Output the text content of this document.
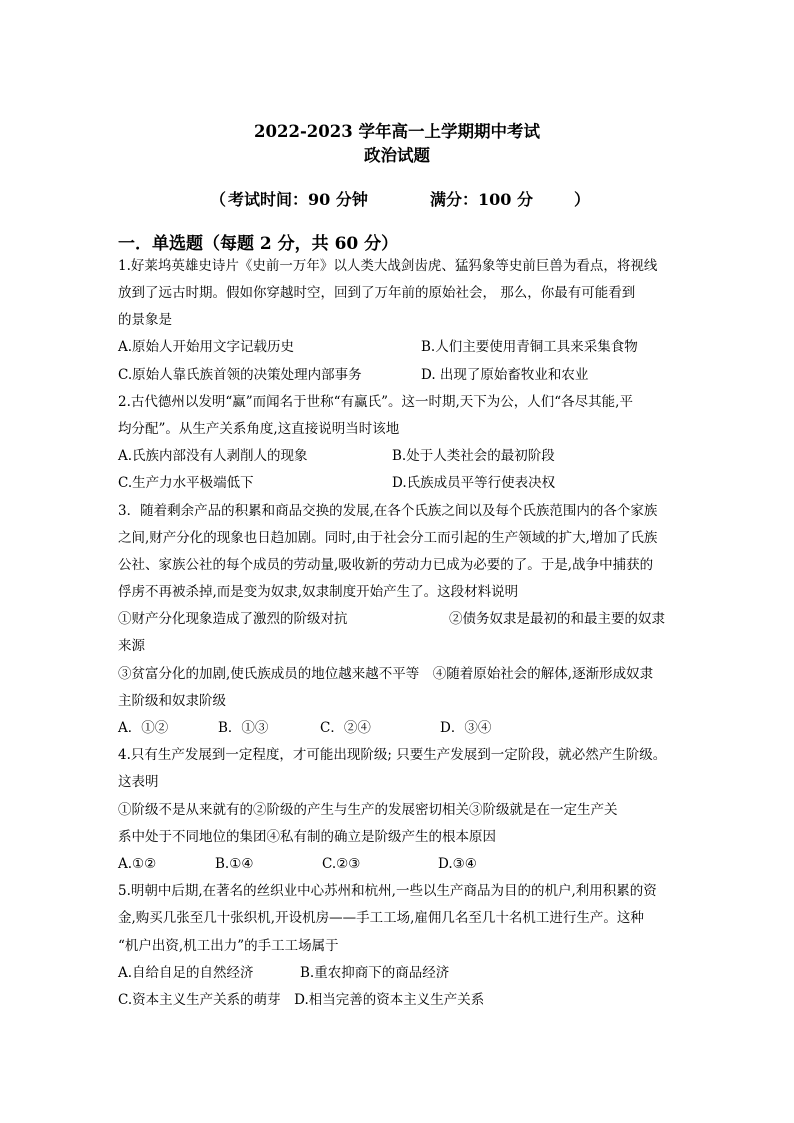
2022-2023 学年高一上学期期中考试
政治试题
（ 考试时间：90 分钟	满分：100 分	）
一．单选题（每题 2 分，共 60 分）
1.好莱坞英雄史诗片《史前一万年》以人类大战剑齿虎、猛犸象等史前巨兽为看点，将视线
放到了远古时期。假如你穿越时空，回到了万年前的原始社会， 那么，你最有可能看到
的景象是
A.原始人开始用文字记载历史	B.人们主要使用青铜工具来采集食物
C.原始人靠氏族首领的决策处理内部事务	D. 出现了原始畜牧业和农业
2.古代德州以发明“赢”而闻名于世称“有赢氏”。这一时期,天下为公，人们“各尽其能,平
均分配”。从生产关系角度,这直接说明当时该地
A.氏族内部没有人剥削人的现象	B.处于人类社会的最初阶段
C.生产力水平极端低下	D.氏族成员平等行使表决权
3．随着剩余产品的积累和商品交换的发展,在各个氏族之间以及每个氏族范围内的各个家族
之间,财产分化的现象也日趋加剧。同时,由于社会分工而引起的生产领域的扩大,增加了氏族
公社、家族公社的每个成员的劳动量,吸收新的劳动力已成为必要的了。于是,战争中捕获的
俘虏不再被杀掉,而是变为奴隶,奴隶制度开始产生了。这段材料说明
①财产分化现象造成了激烈的阶级对抗	②债务奴隶是最初的和最主要的奴隶
来源
③贫富分化的加剧,使氏族成员的地位越来越不平等　④随着原始社会的解体,逐渐形成奴隶
主阶级和奴隶阶级
A．①②	B．①③	C．②④	D．③④
4.只有生产发展到一定程度，才可能出现阶级; 只要生产发展到一定阶段，就必然产生阶级。
这表明
①阶级不是从来就有的②阶级的产生与生产的发展密切相关③阶级就是在一定生产关
系中处于不同地位的集团④私有制的确立是阶级产生的根本原因
A.①②	B.①④	C.②③	D.③④
5.明朝中后期,在著名的丝织业中心苏州和杭州,一些以生产商品为目的的机户,利用积累的资
金,购买几张至几十张织机,开设机房——手工工场,雇佣几名至几十名机工进行生产。这种
“机户出资,机工出力”的手工工场属于
A.自给自足的自然经济	B.重农抑商下的商品经济
C.资本主义生产关系的萌芽　D.相当完善的资本主义生产关系
